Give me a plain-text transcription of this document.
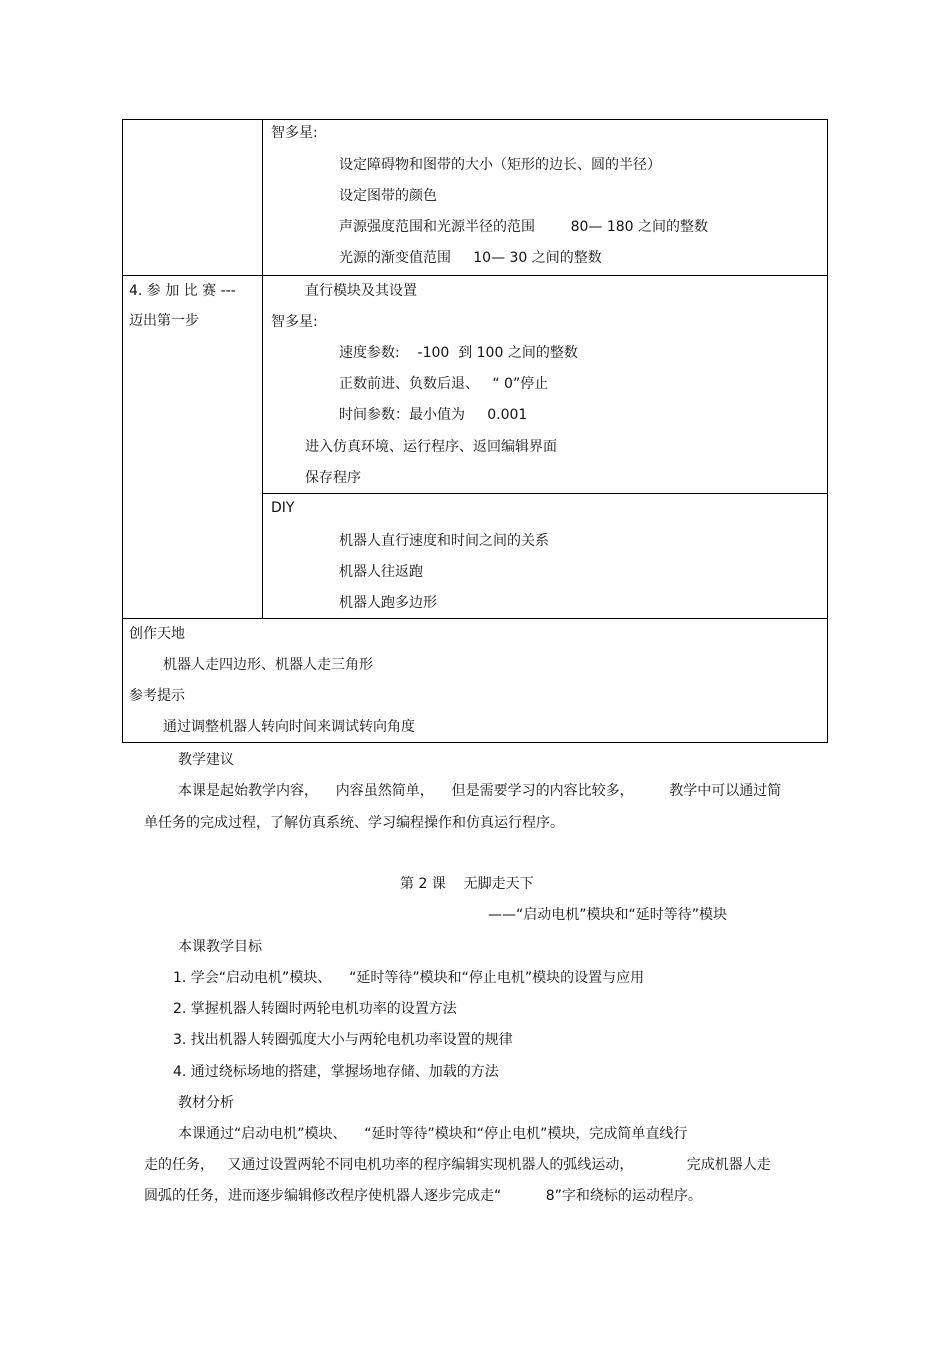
智多星:
设定障碍物和图带的大小（矩形的边长、圆的半径）
设定图带的颜色
声源强度范围和光源半径的范围        80— 180 之间的整数
光源的渐变值范围     10— 30 之间的整数
4. 参 加 比 赛 ---
迈出第一步
直行模块及其设置
智多星:
速度参数:    -100  到 100 之间的整数
正数前进、负数后退、   “ 0”停止
时间参数：最小值为     0.001
进入仿真环境、运行程序、返回编辑界面
保存程序
DIY
机器人直行速度和时间之间的关系
机器人往返跑
机器人跑多边形
创作天地
机器人走四边形、机器人走三角形
参考提示
通过调整机器人转向时间来调试转向角度
教学建议
本课是起始教学内容，    内容虽然简单，    但是需要学习的内容比较多，        教学中可以通过简
单任务的完成过程，了解仿真系统、学习编程操作和仿真运行程序。
第 2 课    无脚走天下
——“启动电机”模块和“延时等待”模块
本课教学目标
1. 学会“启动电机”模块、    “延时等待”模块和“停止电机”模块的设置与应用
2. 掌握机器人转圈时两轮电机功率的设置方法
3. 找出机器人转圈弧度大小与两轮电机功率设置的规律
4. 通过绕标场地的搭建，掌握场地存储、加载的方法
教材分析
本课通过“启动电机”模块、    “延时等待”模块和“停止电机”模块，完成简单直线行
走的任务，   又通过设置两轮不同电机功率的程序编辑实现机器人的弧线运动，            完成机器人走
圆弧的任务，进而逐步编辑修改程序使机器人逐步完成走“          8”字和绕标的运动程序。
